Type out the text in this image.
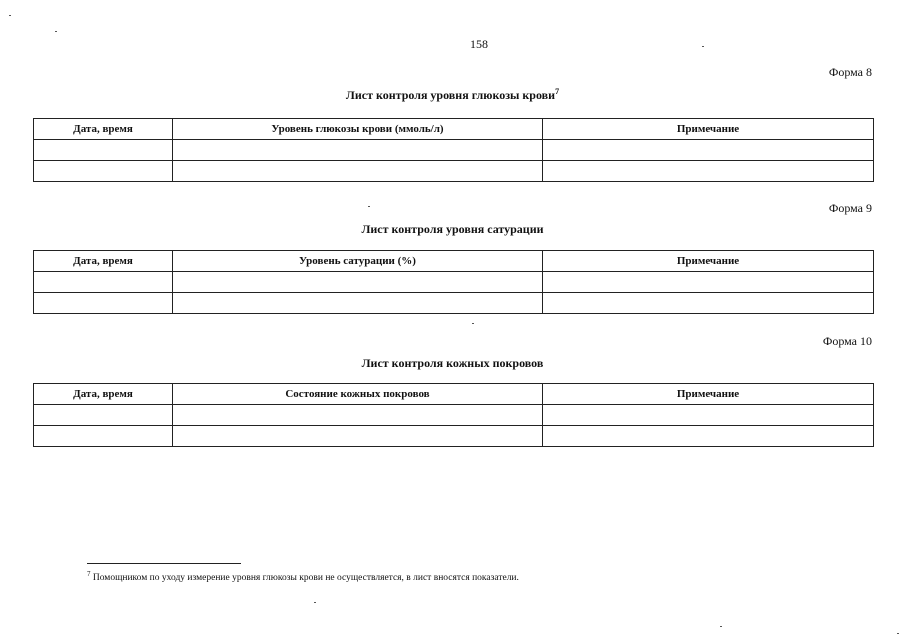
158
Форма 8
Лист контроля уровня глюкозы крови$^7$
Дата, время	Уровень глюкозы крови (ммоль/л)	Примечание

Форма 9
Лист контроля уровня сатурации
Дата, время	Уровень сатурации (%)	Примечание

Форма 10
Лист контроля кожных покровов
Дата, время	Состояние кожных покровов	Примечание

$^7$ Помощником по уходу измерение уровня глюкозы крови не осуществляется, в лист вносятся показатели.
